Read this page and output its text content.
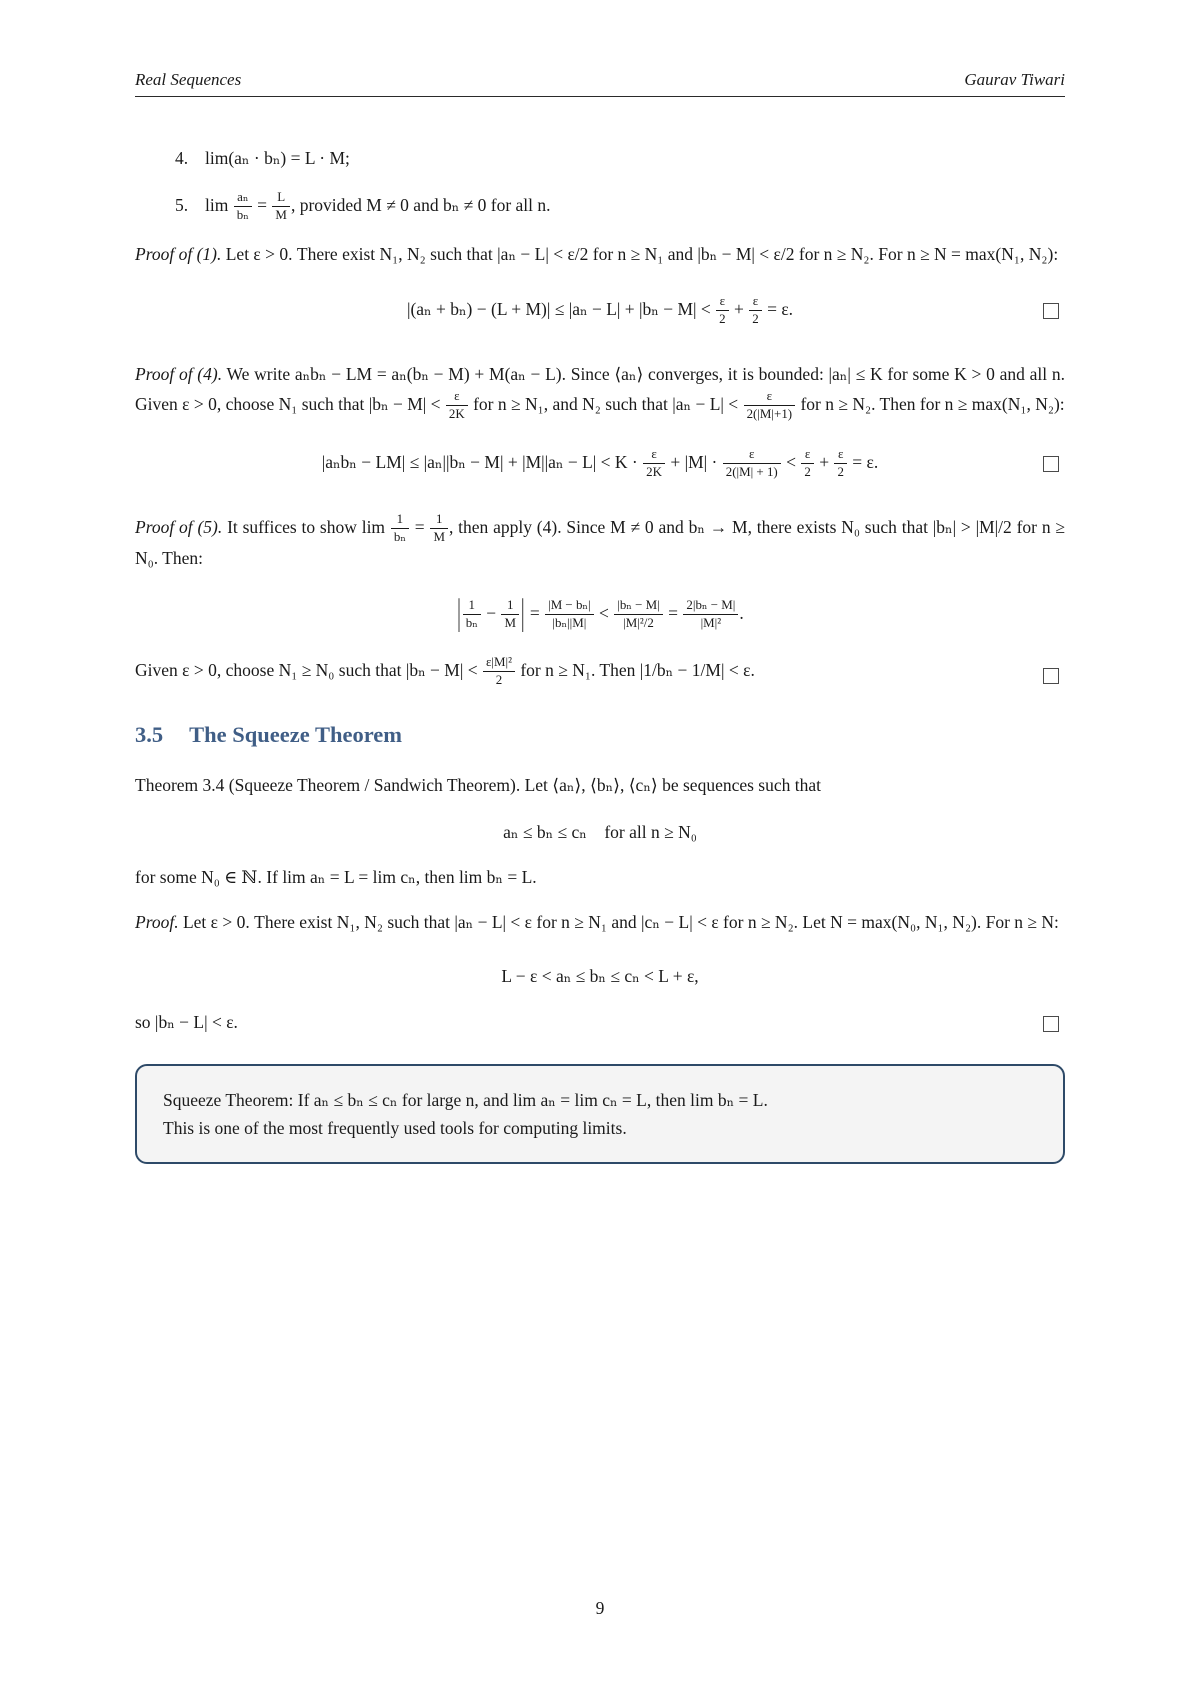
Real Sequences	Gaurav Tiwari
4. lim(aₙ · bₙ) = L · M;
5. $\lim \frac{\text{aₙ}}{\text{bₙ}} = \frac{L}{M}$ , provided M ≠ 0 and bₙ ≠ 0 for all n.

Proof of (1). Let ε > 0. There exist N₁, N₂ such that |aₙ − L| < ε/2 for n ≥ N₁ and |bₙ − M| < ε/2 for n ≥ N₂. For n ≥ N = max(N₁, N₂):

$|(a_n + b_n) - (L + M)| \le |a_n - L| + |b_n - M| < \frac{\varepsilon}{2} + \frac{\varepsilon}{2} = \varepsilon$.

Proof of (4). We write aₙbₙ − LM = aₙ(bₙ − M) + M(aₙ − L). Since ⟨aₙ⟩ converges, it is bounded: |aₙ| ≤ K for some K > 0 and all n. Given ε > 0, choose N₁ such that $|b_n - M| < \frac{\varepsilon}{2K}$ for n ≥ N₁, and N₂ such that $|a_n - L| < \frac{\varepsilon}{2(|M|+1)}$ for n ≥ N₂. Then for n ≥ max(N₁, N₂):

$|a_nb_n - LM| \le |a_n||b_n - M| + |M||a_n - L| < K \cdot \frac{\varepsilon}{2K} + |M| \cdot \frac{\varepsilon}{2(|M| + 1)} < \frac{\varepsilon}{2} + \frac{\varepsilon}{2} = \varepsilon$.

Proof of (5). It suffices to show $\lim \frac{1}{\text{bₙ}} = \frac{1}{M}$ , then apply (4). Since M ≠ 0 and bₙ → M, there exists N₀ such that |bₙ| > |M|/2 for n ≥ N₀. Then:

| $\frac{1}{\text{bₙ}} - \frac{1}{M}$ | = $\frac{\text{|M − bₙ|}}{\text{|bₙ||M|}} < \frac{\text{|bₙ − M|}}{\text{|M|²/2}} = \frac{\text{2|bₙ − M|}}{\text{|M|²}}$ .

Given ε > 0, choose N₁ ≥ N₀ such that $|b_n - M| < \frac{\text{ε|M|²}}{2}$ for n ≥ N₁. Then |1/bₙ − 1/M| < ε.

3.5 The Squeeze Theorem

Theorem 3.4 (Squeeze Theorem / Sandwich Theorem). Let ⟨aₙ⟩, ⟨bₙ⟩, ⟨cₙ⟩ be sequences such that

aₙ ≤ bₙ ≤ cₙ    for all n ≥ N₀

for some N₀ ∈ ℕ. If lim aₙ = L = lim cₙ, then lim bₙ = L.

Proof. Let ε > 0. There exist N₁, N₂ such that |aₙ − L| < ε for n ≥ N₁ and |cₙ − L| < ε for n ≥ N₂. Let N = max(N₀, N₁, N₂). For n ≥ N:

L − ε < aₙ ≤ bₙ ≤ cₙ < L + ε,

so |bₙ − L| < ε.

Squeeze Theorem: If aₙ ≤ bₙ ≤ cₙ for large n, and lim aₙ = lim cₙ = L, then lim bₙ = L.

This is one of the most frequently used tools for computing limits.

9
